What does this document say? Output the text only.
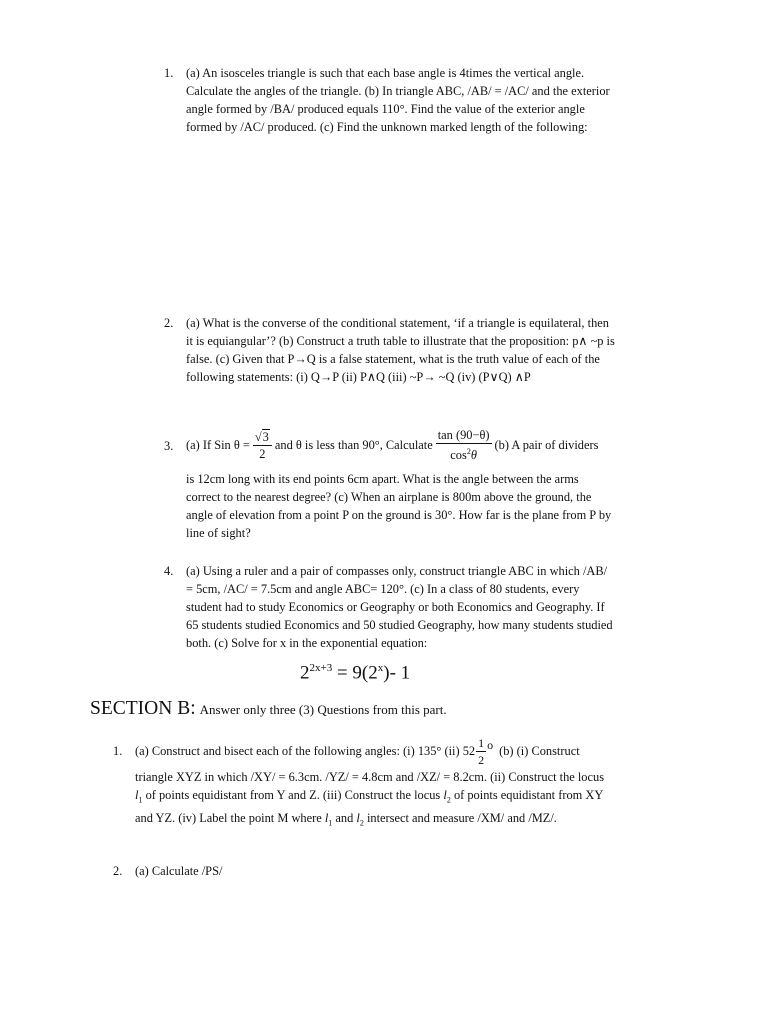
1. (a) An isosceles triangle is such that each base angle is 4times the vertical angle.
Calculate the angles of the triangle. (b) In triangle ABC, /AB/ = /AC/ and the exterior
angle formed by /BA/ produced equals 110°. Find the value of the exterior angle
formed by /AC/ produced. (c) Find the unknown marked length of the following:
2. (a) What is the converse of the conditional statement, ‘if a triangle is equilateral, then
it is equiangular’? (b) Construct a truth table to illustrate that the proposition: p∧ ~p is
false. (c) Given that P→Q is a false statement, what is the truth value of each of the
following statements: (i) Q→P (ii) P∧Q (iii) ~P→ ~Q (iv) (P∨Q) ∧P
3. (a) If Sin $\theta = \frac{√3}{2}$ and θ is less than 90°, Calculate $\frac{\tan (90-\theta)}{\cos^2\theta} (b)$ A pair of dividers
is 12cm long with its end points 6cm apart. What is the angle between the arms
correct to the nearest degree? (c) When an airplane is 800m above the ground, the
angle of elevation from a point P on the ground is 30°. How far is the plane from P by
line of sight?
4. (a) Using a ruler and a pair of compasses only, construct triangle ABC in which /AB/
= 5cm, /AC/ = 7.5cm and angle ABC= 120°. (c) In a class of 80 students, every
student had to study Economics or Geography or both Economics and Geography. If
65 students studied Economics and 50 studied Geography, how many students studied
both. (c) Solve for x in the exponential equation:
$2^{2x+3} = 9(2^x)-$ 1
SECTION B: Answer only three (3) Questions from this part.
1. (a) Construct and bisect each of the following angles: (i) 135° (ii) $52 \frac{1}{2}$ o (b) (i) Construct
triangle XYZ in which /XY/ = 6.3cm. /YZ/ = 4.8cm and /XZ/ = 8.2cm. (ii) Construct the locus
$l_1$ of points equidistant from Y and Z. (iii) Construct the locus $l_2$ of points equidistant from XY
and YZ. (iv) Label the point M where $l_1$ and $l_2$ intersect and measure /XM/ and /MZ/.
2. (a) Calculate /PS/
